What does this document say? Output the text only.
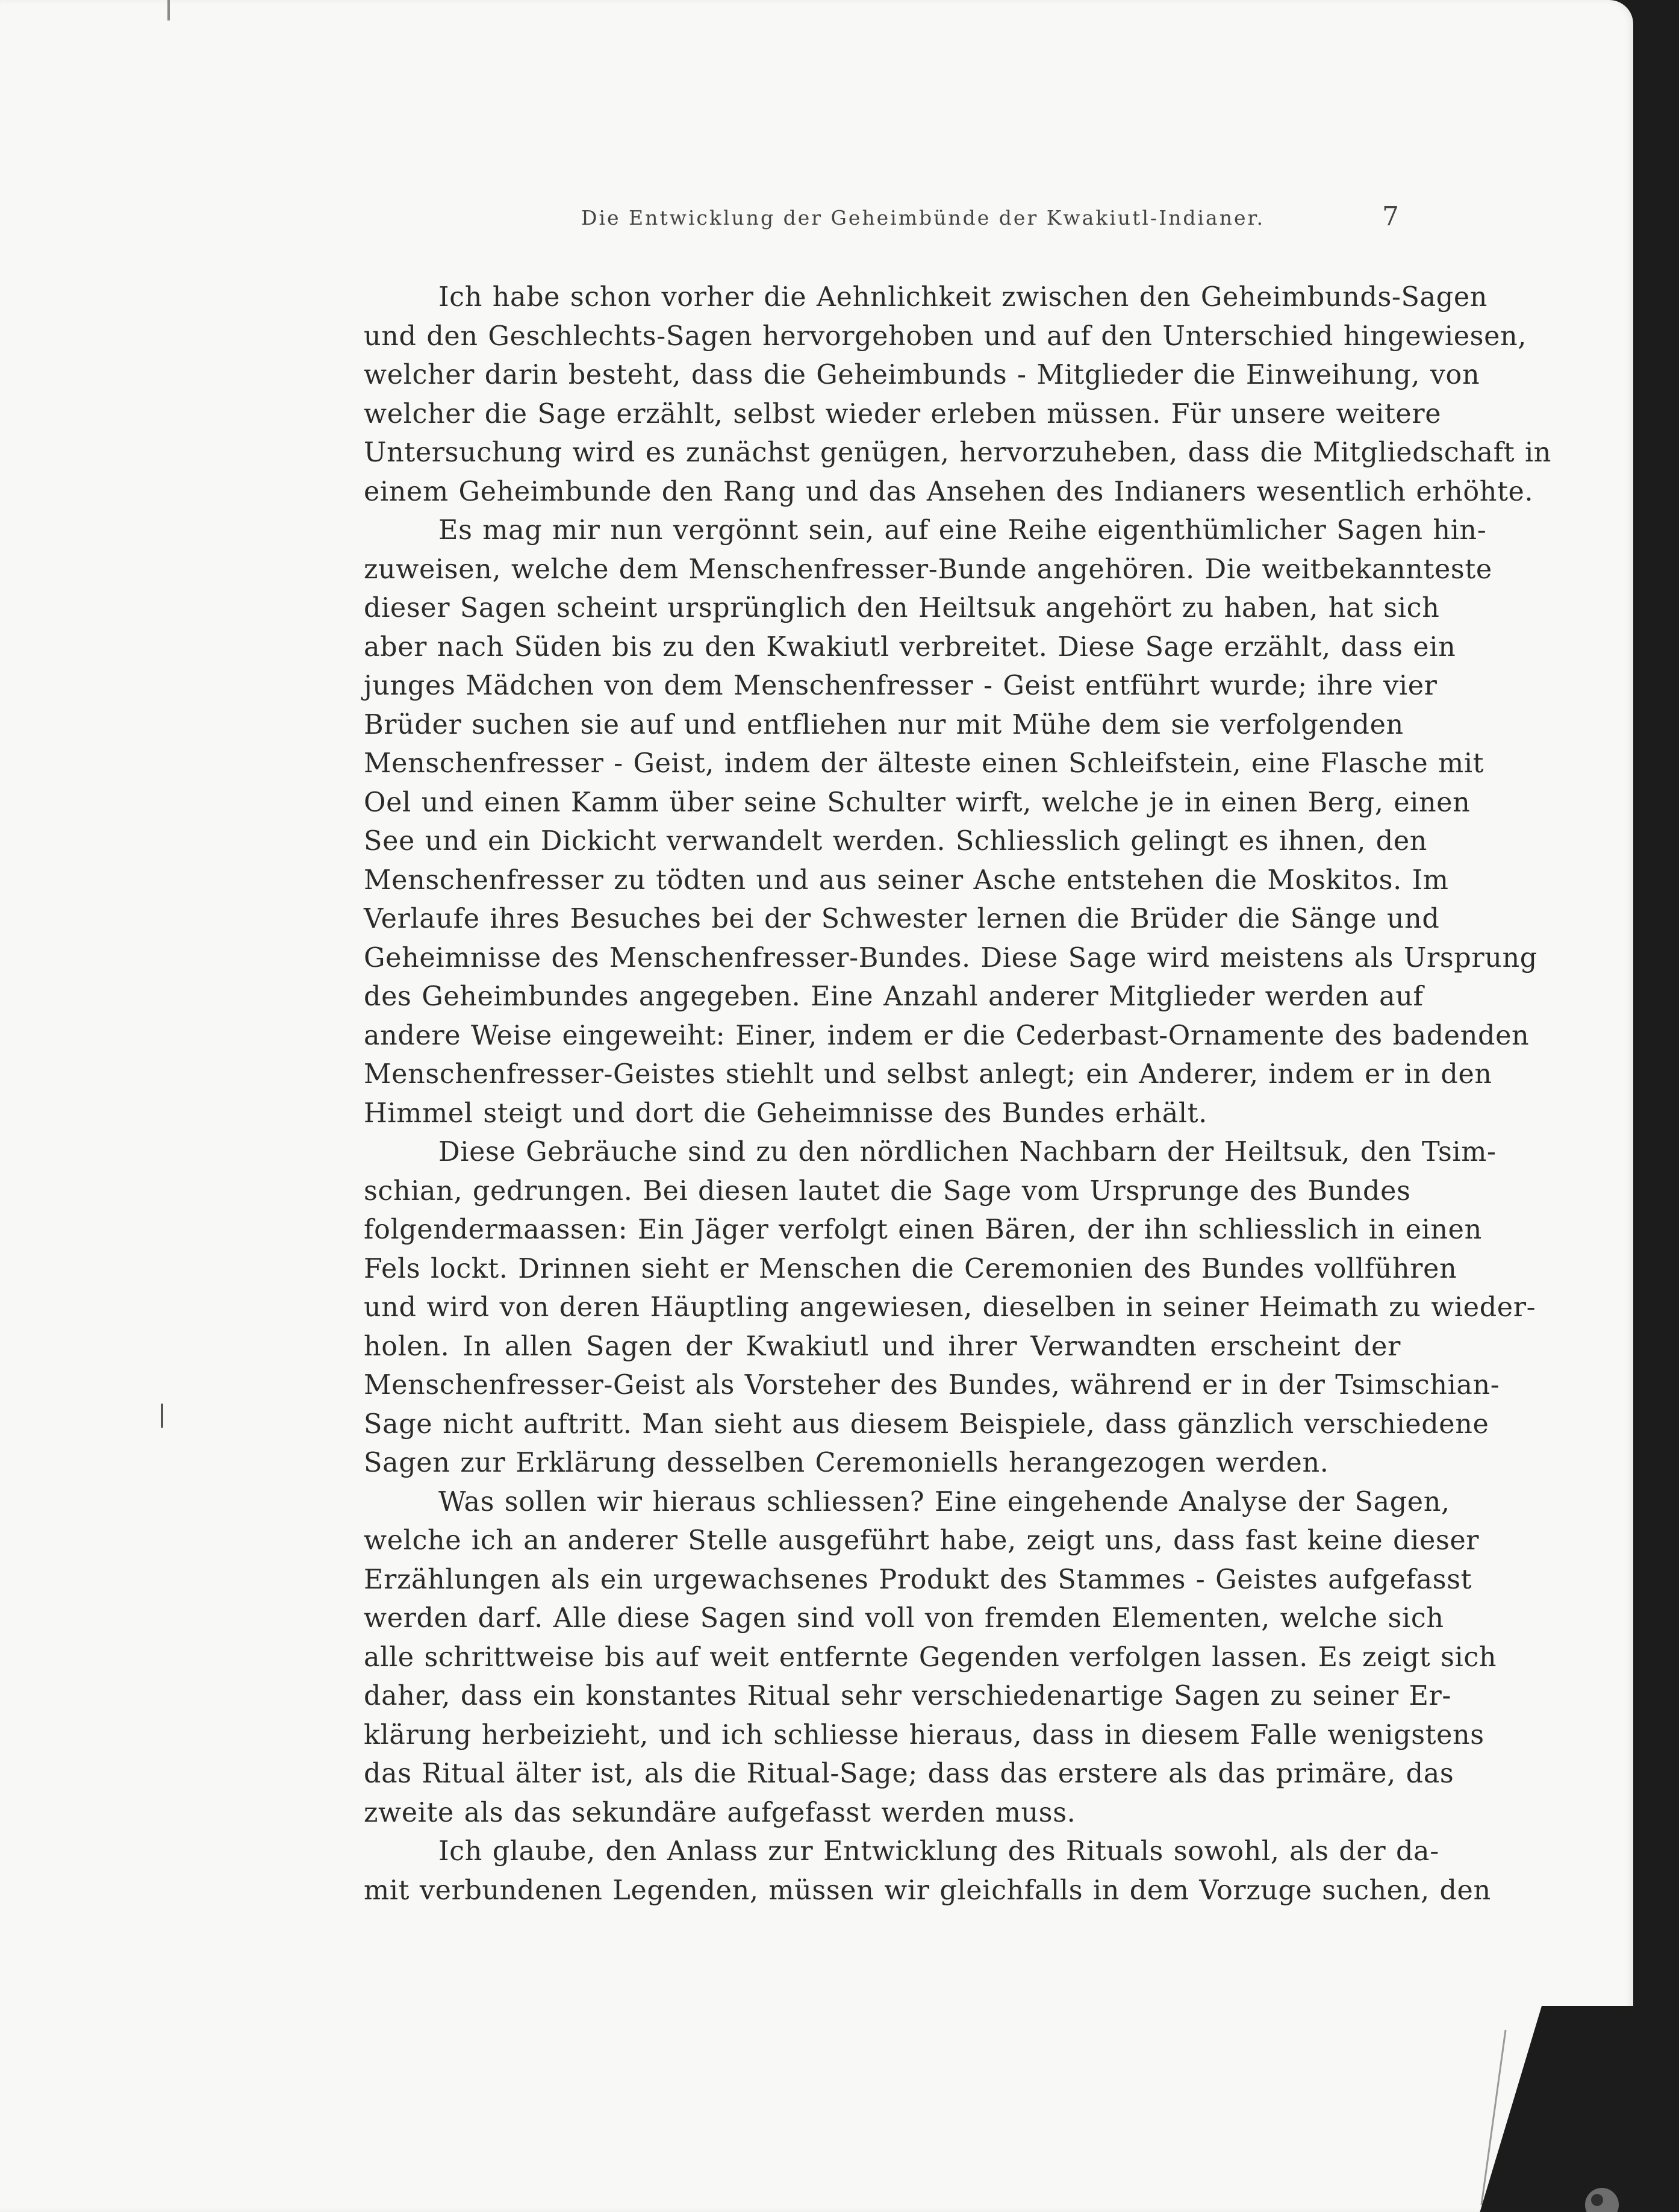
Die Entwicklung der Geheimbünde der Kwakiutl-Indianer.	7
Ich habe schon vorher die Aehnlichkeit zwischen den Geheimbunds-Sagen
und den Geschlechts-Sagen hervorgehoben und auf den Unterschied hingewiesen,
welcher darin besteht, dass die Geheimbunds - Mitglieder die Einweihung, von
welcher die Sage erzählt, selbst wieder erleben müssen. Für unsere weitere
Untersuchung wird es zunächst genügen, hervorzuheben, dass die Mitgliedschaft in
einem Geheimbunde den Rang und das Ansehen des Indianers wesentlich erhöhte.
Es mag mir nun vergönnt sein, auf eine Reihe eigenthümlicher Sagen hin-
zuweisen, welche dem Menschenfresser-Bunde angehören. Die weitbekannteste
dieser Sagen scheint ursprünglich den Heiltsuk angehört zu haben, hat sich
aber nach Süden bis zu den Kwakiutl verbreitet. Diese Sage erzählt, dass ein
junges Mädchen von dem Menschenfresser - Geist entführt wurde; ihre vier
Brüder suchen sie auf und entfliehen nur mit Mühe dem sie verfolgenden
Menschenfresser - Geist, indem der älteste einen Schleifstein, eine Flasche mit
Oel und einen Kamm über seine Schulter wirft, welche je in einen Berg, einen
See und ein Dickicht verwandelt werden. Schliesslich gelingt es ihnen, den
Menschenfresser zu tödten und aus seiner Asche entstehen die Moskitos. Im
Verlaufe ihres Besuches bei der Schwester lernen die Brüder die Sänge und
Geheimnisse des Menschenfresser-Bundes. Diese Sage wird meistens als Ursprung
des Geheimbundes angegeben. Eine Anzahl anderer Mitglieder werden auf
andere Weise eingeweiht: Einer, indem er die Cederbast-Ornamente des badenden
Menschenfresser-Geistes stiehlt und selbst anlegt; ein Anderer, indem er in den
Himmel steigt und dort die Geheimnisse des Bundes erhält.
Diese Gebräuche sind zu den nördlichen Nachbarn der Heiltsuk, den Tsim-
schian, gedrungen. Bei diesen lautet die Sage vom Ursprunge des Bundes
folgendermaassen: Ein Jäger verfolgt einen Bären, der ihn schliesslich in einen
Fels lockt. Drinnen sieht er Menschen die Ceremonien des Bundes vollführen
und wird von deren Häuptling angewiesen, dieselben in seiner Heimath zu wieder-
holen. In allen Sagen der Kwakiutl und ihrer Verwandten erscheint der
Menschenfresser-Geist als Vorsteher des Bundes, während er in der Tsimschian-
Sage nicht auftritt. Man sieht aus diesem Beispiele, dass gänzlich verschiedene
Sagen zur Erklärung desselben Ceremoniells herangezogen werden.
Was sollen wir hieraus schliessen? Eine eingehende Analyse der Sagen,
welche ich an anderer Stelle ausgeführt habe, zeigt uns, dass fast keine dieser
Erzählungen als ein urgewachsenes Produkt des Stammes - Geistes aufgefasst
werden darf. Alle diese Sagen sind voll von fremden Elementen, welche sich
alle schrittweise bis auf weit entfernte Gegenden verfolgen lassen. Es zeigt sich
daher, dass ein konstantes Ritual sehr verschiedenartige Sagen zu seiner Er-
klärung herbeizieht, und ich schliesse hieraus, dass in diesem Falle wenigstens
das Ritual älter ist, als die Ritual-Sage; dass das erstere als das primäre, das
zweite als das sekundäre aufgefasst werden muss.
Ich glaube, den Anlass zur Entwicklung des Rituals sowohl, als der da-
mit verbundenen Legenden, müssen wir gleichfalls in dem Vorzuge suchen, den
